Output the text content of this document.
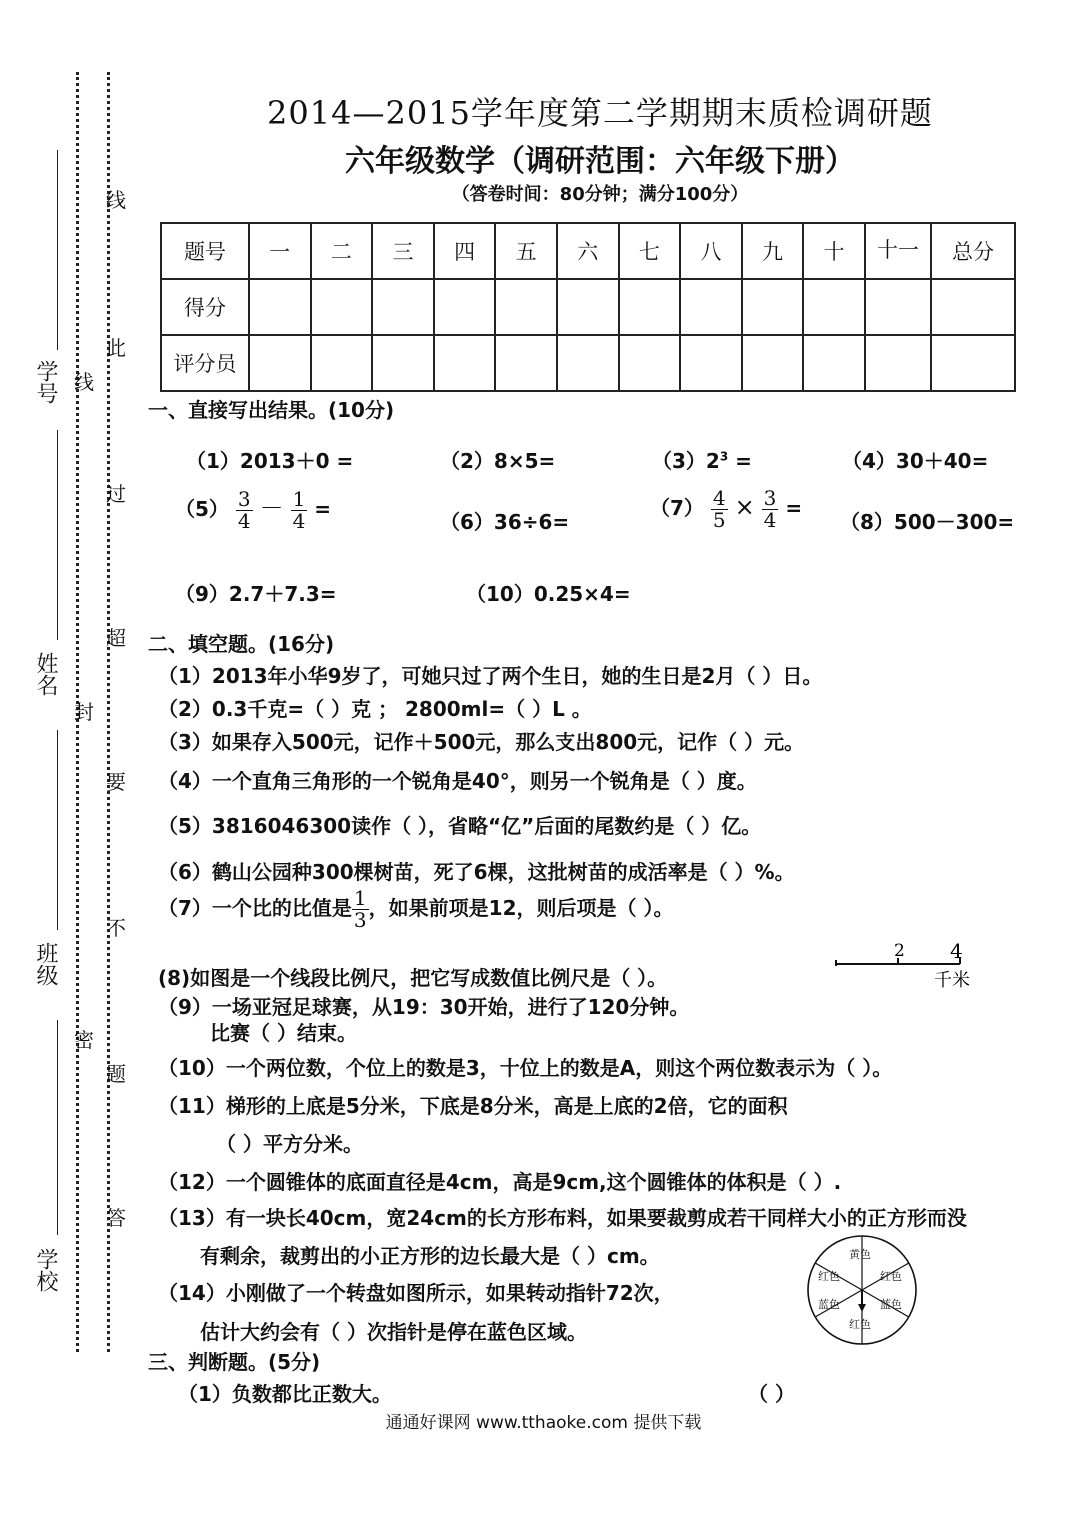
学号
姓名
班级
学校
线
封
密
线
此
过
超
要
不
题
答
2014—2015学年度第二学期期末质检调研题
六年级数学（调研范围：六年级下册）
（答卷时间：80分钟；满分100分）
题号	一	二	三	四	五	六	七	八	九	十	十一	总分
得分												
评分员												
一、直接写出结果。(10分)
（1）2013＋0 =	（2）8×5=	$(3)2^3$ =	（4）30＋40=
$(5) \frac{3}{4} - \frac{1}{4}$ =
（6）36÷6=
$(7) \frac{4}{5} \times \frac{3}{4}$ =
（8）500－300=
（9）2.7＋7.3=	（10）0.25×4=
二、填空题。(16分)
（1）2013年小华9岁了，可她只过了两个生日，她的生日是2月（ ）日。
（2）0.3千克=（ ）克 ； 2800ml=（ ）L 。
（3）如果存入500元，记作＋500元，那么支出800元，记作（ ）元。
（4）一个直角三角形的一个锐角是40°，则另一个锐角是（ ）度。
（5）3816046300读作（ ），省略“亿”后面的尾数约是（ ）亿。
（6）鹤山公园种300棵树苗，死了6棵，这批树苗的成活率是（ ）%。
（7）一个比的比值是 $\frac{1}{3}$ ，如果前项是12，则后项是（ ）。
(8)如图是一个线段比例尺，把它写成数值比例尺是（ ）。
2 4
千米
（9）一场亚冠足球赛，从19：30开始，进行了120分钟。
比赛（ ）结束。
（10）一个两位数，个位上的数是3，十位上的数是A，则这个两位数表示为（ ）。
（11）梯形的上底是5分米，下底是8分米，高是上底的2倍，它的面积
（ ）平方分米。
（12）一个圆锥体的底面直径是4cm，高是9cm,这个圆锥体的体积是（ ）.
（13）有一块长40cm，宽24cm的长方形布料，如果要裁剪成若干同样大小的正方形而没
有剩余，裁剪出的小正方形的边长最大是（ ）cm。
（14）小刚做了一个转盘如图所示，如果转动指针72次，
估计大约会有（ ）次指针是停在蓝色区域。
黄色
红色	红色
蓝色	蓝色
红色
三、判断题。(5分)
（1）负数都比正数大。	（ ）
通通好课网 www.tthaoke.com 提供下载
